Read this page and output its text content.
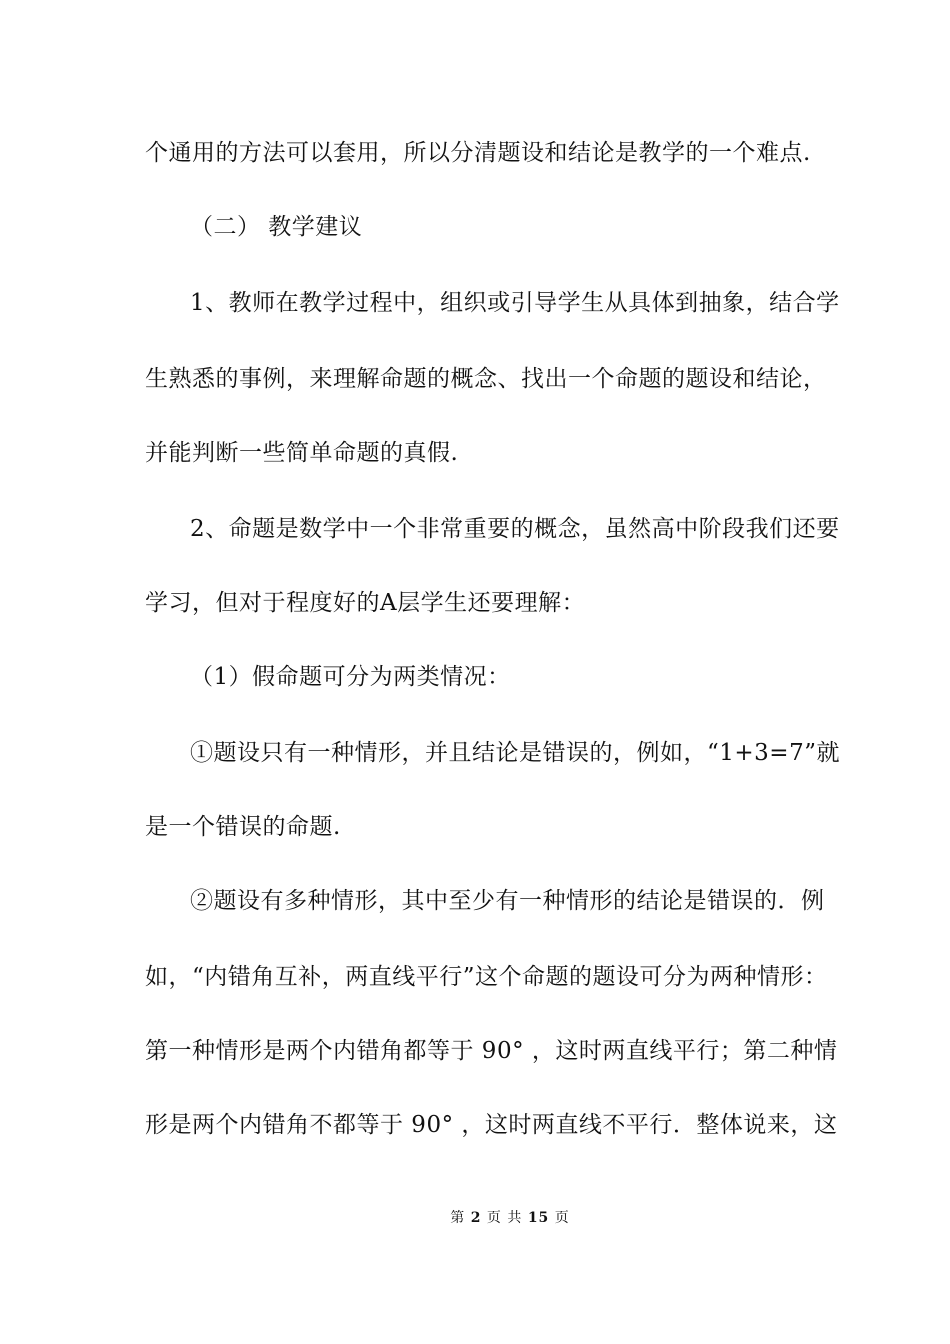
个通用的方法可以套用，所以分清题设和结论是教学的一个难点.
（二） 教学建议
1、教师在教学过程中，组织或引导学生从具体到抽象，结合学
生熟悉的事例，来理解命题的概念、找出一个命题的题设和结论，
并能判断一些简单命题的真假.
2、命题是数学中一个非常重要的概念，虽然高中阶段我们还要
学习，但对于程度好的A层学生还要理解：
（1）假命题可分为两类情况：
①题设只有一种情形，并且结论是错误的，例如，“1+3=7”就
是一个错误的命题.
②题设有多种情形，其中至少有一种情形的结论是错误的．例
如，“内错角互补，两直线平行”这个命题的题设可分为两种情形：
第一种情形是两个内错角都等于 90° ，这时两直线平行；第二种情
形是两个内错角不都等于 90° ，这时两直线不平行．整体说来，这
第 2 页 共 15 页
